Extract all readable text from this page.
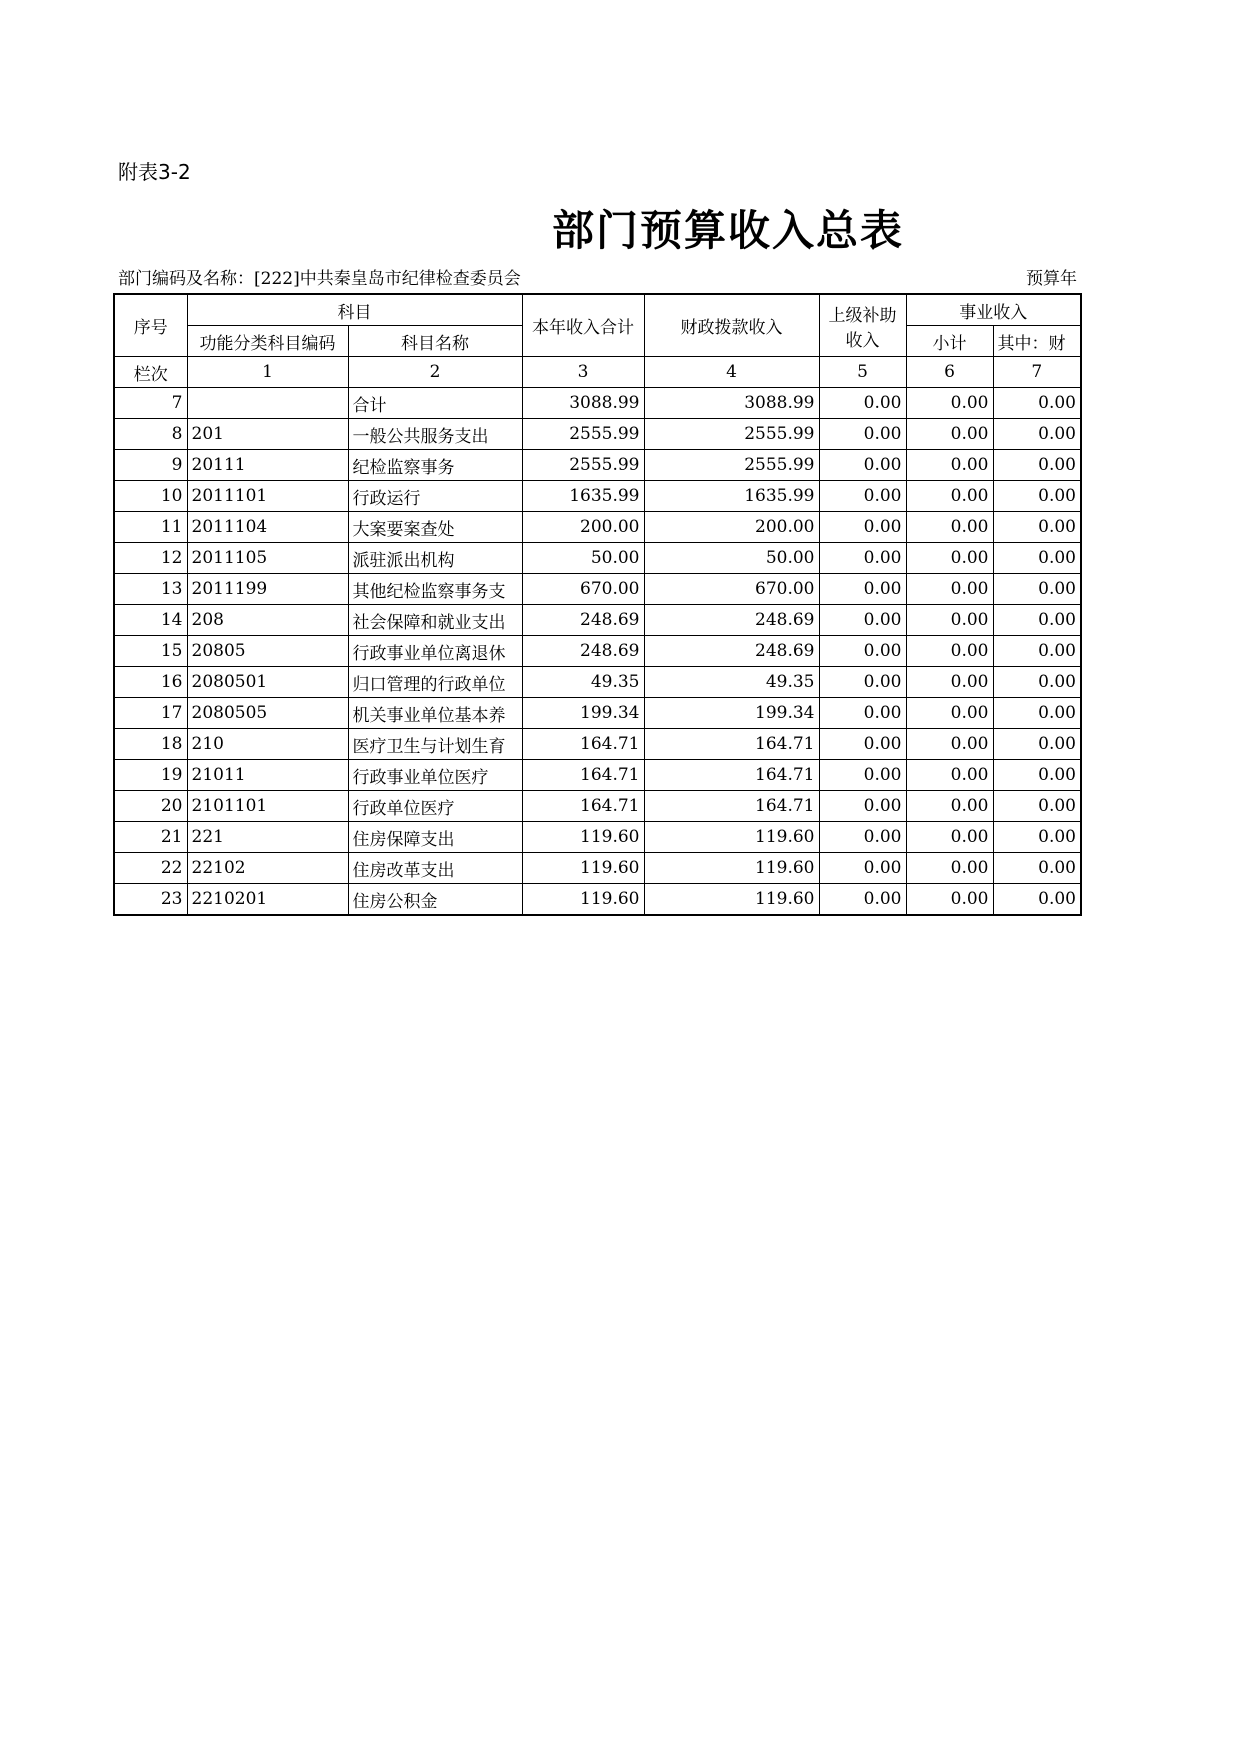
附表3-2
部门预算收入总表
部门编码及名称：[222]中共秦皇岛市纪律检查委员会	预算年
序号	科目		本年收入合计	财政拨款收入	上级补助
收入	事业收入	
	功能分类科目编码	科目名称				小计	其中：财
栏次	1	2	3	4	5	6	7
7		合计	3088.99	3088.99	0.00	0.00	0.00
8	201	一般公共服务支出	2555.99	2555.99	0.00	0.00	0.00
9	20111	纪检监察事务	2555.99	2555.99	0.00	0.00	0.00
10	2011101	行政运行	1635.99	1635.99	0.00	0.00	0.00
11	2011104	大案要案查处	200.00	200.00	0.00	0.00	0.00
12	2011105	派驻派出机构	50.00	50.00	0.00	0.00	0.00
13	2011199	其他纪检监察事务支	670.00	670.00	0.00	0.00	0.00
14	208	社会保障和就业支出	248.69	248.69	0.00	0.00	0.00
15	20805	行政事业单位离退休	248.69	248.69	0.00	0.00	0.00
16	2080501	归口管理的行政单位	49.35	49.35	0.00	0.00	0.00
17	2080505	机关事业单位基本养	199.34	199.34	0.00	0.00	0.00
18	210	医疗卫生与计划生育	164.71	164.71	0.00	0.00	0.00
19	21011	行政事业单位医疗	164.71	164.71	0.00	0.00	0.00
20	2101101	行政单位医疗	164.71	164.71	0.00	0.00	0.00
21	221	住房保障支出	119.60	119.60	0.00	0.00	0.00
22	22102	住房改革支出	119.60	119.60	0.00	0.00	0.00
23	2210201	住房公积金	119.60	119.60	0.00	0.00	0.00
